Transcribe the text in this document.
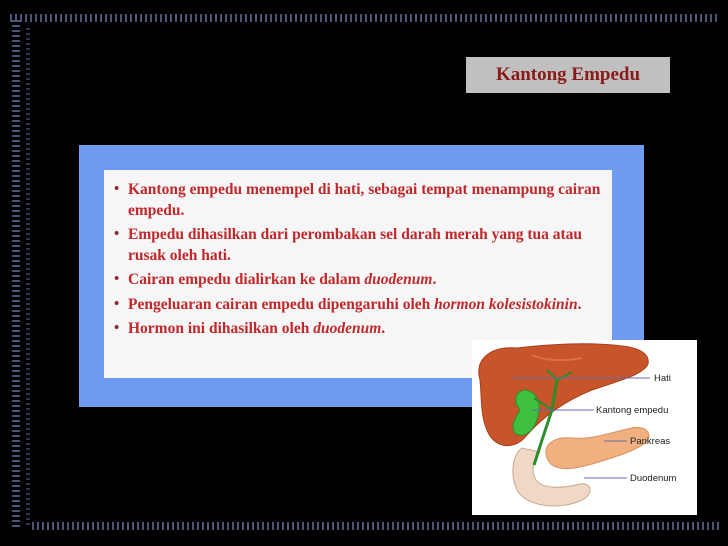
Kantong Empedu
• Kantong empedu menempel di hati, sebagai tempat menampung cairan empedu.
• Empedu dihasilkan dari perombakan sel darah merah yang tua atau rusak oleh hati.
• Cairan empedu dialirkan ke dalam duodenum.
• Pengeluaran cairan empedu dipengaruhi oleh hormon kolesistokinin.
• Hormon ini dihasilkan oleh duodenum.
Hati
Kantong empedu
Pankreas
Duodenum
